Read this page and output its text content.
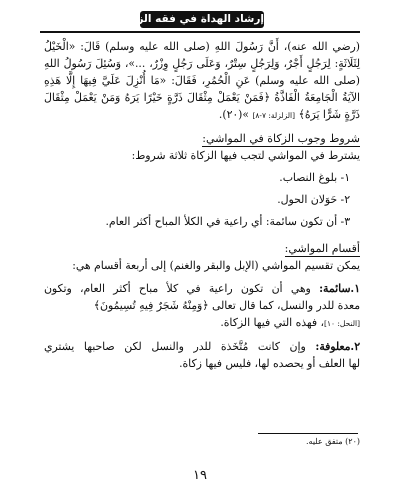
إرشاد الهداة في فقه الزكاة
(رضي الله عنه)، أَنَّ رَسُولَ اللهِ (صلى الله عليه وسلم) قَالَ: «الْخَيْلُ
لِثَلَاثَةٍ: لِرَجُلٍ أَجْرٌ، وَلِرَجُلٍ سِتْرٌ، وَعَلَى رَجُلٍ وِزْرٌ، ...»، وَسُئِلَ رَسُولُ اللهِ
(صلى الله عليه وسلم) عَنِ الْحُمُرِ، فَقَالَ: «مَا أُنْزِلَ عَلَيَّ فِيهَا إِلَّا هَذِهِ
الآيَةُ الْجَامِعَةُ الْفَاذَّةُ ﴿فَمَنْ يَعْمَلْ مِثْقَالَ ذَرَّةٍ خَيْرًا يَرَهُ وَمَنْ يَعْمَلْ مِثْقَالَ
ذَرَّةٍ شَرًّا يَرَهُ﴾ [الزلزلة: ٧-٨] »(٢٠).
شروط وجوب الزكاة في المواشي:
يشترط في المواشي لتجب فيها الزكاة ثلاثة شروط:
١- بلوغ النصاب.
٢- حَوَلان الحول.
٣- أن تكون سائمة: أي راعية في الكلأ المباح أكثر العام.
أقسام المواشي:
يمكن تقسيم المواشي (الإبل والبقر والغنم) إلى أربعة أقسام هي:
١.سائمة: وهي أن تكون راعية في كلأ مباح أكثر العام، وتكون
معدة للدر والنسل، كما قال تعالى ﴿وَمِنْهُ شَجَرٌ فِيهِ تُسِيمُونَ﴾
[النحل: ١٠]، فهذه التي فيها الزكاة.
٢.معلوفة: وإن كانت مُتَّخَذة للدر والنسل لكن صاحبها يشتري
لها العلف أو يحصده لها، فليس فيها زكاة.
(٢٠) متفق عليه.
١٩
